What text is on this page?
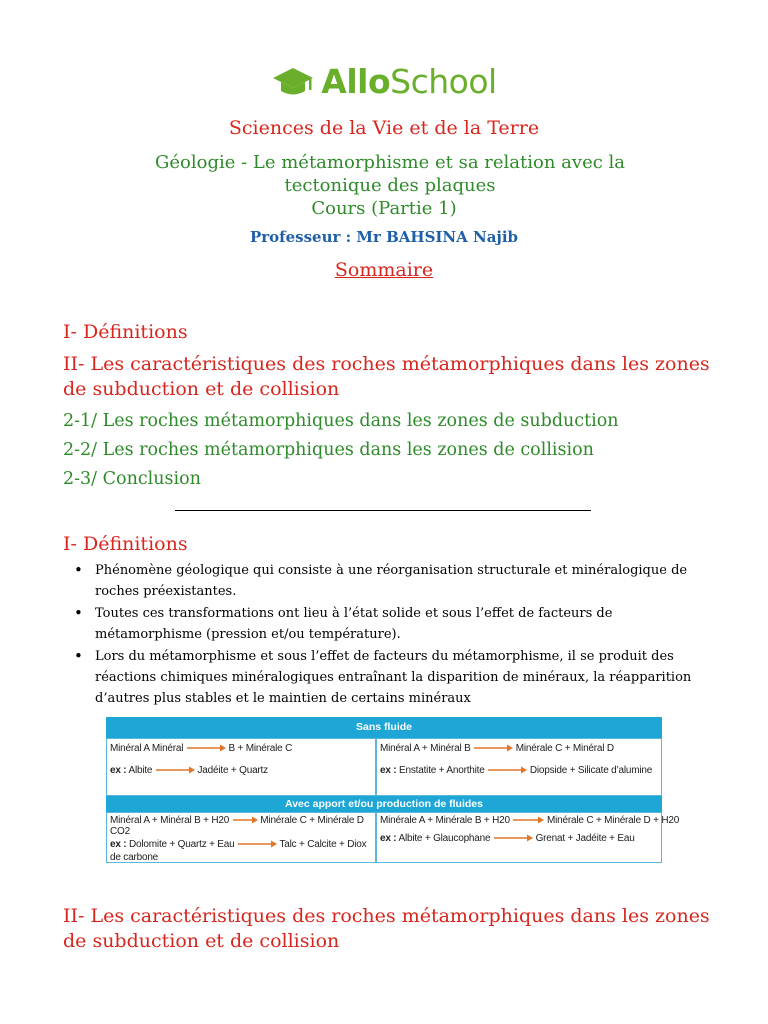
AlloSchool
Sciences de la Vie et de la Terre
Géologie - Le métamorphisme et sa relation avec la tectonique des plaques
Cours (Partie 1)
Professeur : Mr BAHSINA Najib
Sommaire
I- Définitions
II- Les caractéristiques des roches métamorphiques dans les zones de subduction et de collision
2-1/ Les roches métamorphiques dans les zones de subduction
2-2/ Les roches métamorphiques dans les zones de collision
2-3/ Conclusion
I- Définitions
• Phénomène géologique qui consiste à une réorganisation structurale et minéralogique de roches préexistantes.
• Toutes ces transformations ont lieu à l’état solide et sous l’effet de facteurs de métamorphisme (pression et/ou température).
• Lors du métamorphisme et sous l’effet de facteurs du métamorphisme, il se produit des réactions chimiques minéralogiques entraînant la disparition de minéraux, la réapparition d’autres plus stables et le maintien de certains minéraux
Sans fluide
Minéral A Minéral	B + Minérale C
ex : Albite	Jadéite + Quartz
Minéral A + Minéral B	Minérale C + Minéral D
ex : Enstatite + Anorthite	Diopside + Silicate d’alumine
Avec apport et/ou production de fluides
Minéral A + Minéral B + H20	Minérale C + Minérale D
CO2
ex : Dolomite + Quartz + Eau	Talc + Calcite + Diox
de carbone
Minérale A + Minérale B + H20	Minérale C + Minérale D + H20
ex : Albite + Glaucophane	Grenat + Jadéite + Eau
II- Les caractéristiques des roches métamorphiques dans les zones de subduction et de collision
